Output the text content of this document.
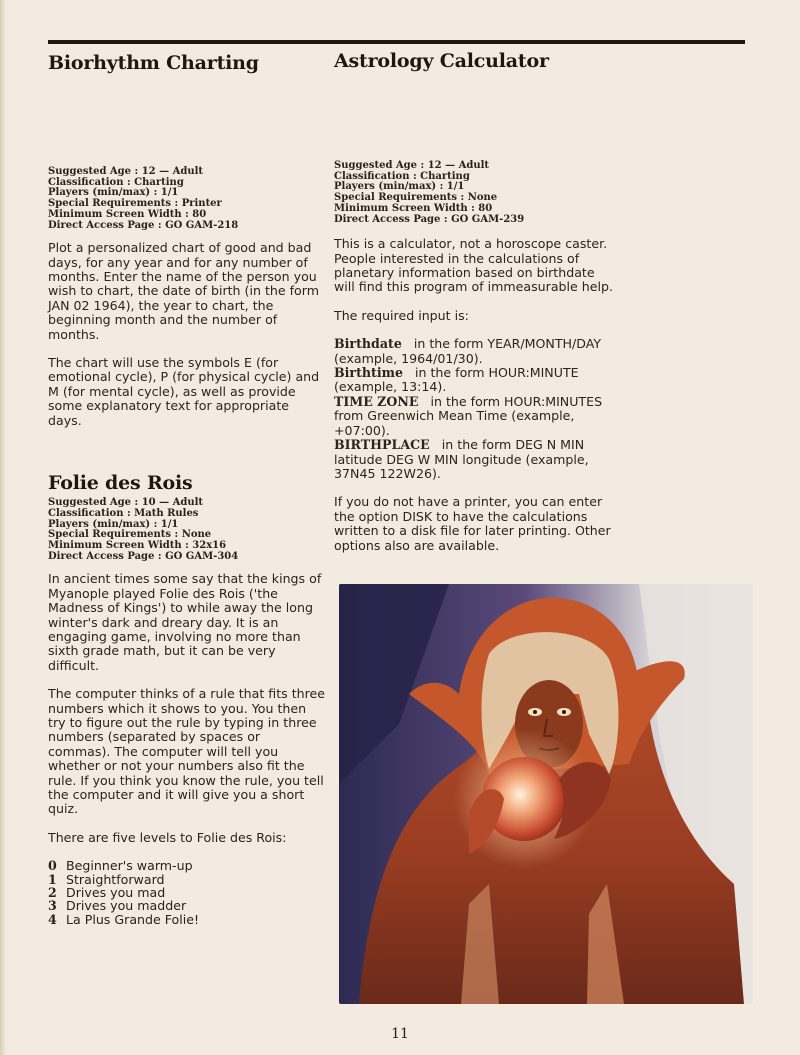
Biorhythm Charting
Suggested Age : 12 — Adult
Classification : Charting
Players (min/max) : 1/1
Special Requirements : Printer
Minimum Screen Width : 80
Direct Access Page : GO GAM-218

Plot a personalized chart of good and bad days, for any year and for any number of months. Enter the name of the person you wish to chart, the date of birth (in the form JAN 02 1964), the year to chart, the beginning month and the number of months.

The chart will use the symbols E (for emotional cycle), P (for physical cycle) and M (for mental cycle), as well as provide some explanatory text for appropriate days.

Folie des Rois
Suggested Age : 10 — Adult
Classification : Math Rules
Players (min/max) : 1/1
Special Requirements : None
Minimum Screen Width : 32x16
Direct Access Page : GO GAM-304

In ancient times some say that the kings of Myanople played Folie des Rois ('the Madness of Kings') to while away the long winter's dark and dreary day. It is an engaging game, involving no more than sixth grade math, but it can be very difficult.

The computer thinks of a rule that fits three numbers which it shows to you. You then try to figure out the rule by typing in three numbers (separated by spaces or commas). The computer will tell you whether or not your numbers also fit the rule. If you think you know the rule, you tell the computer and it will give you a short quiz.

There are five levels to Folie des Rois:

0 Beginner's warm-up
1 Straightforward
2 Drives you mad
3 Drives you madder
4 La Plus Grande Folie!
Astrology Calculator
Suggested Age : 12 — Adult
Classification : Charting
Players (min/max) : 1/1
Special Requirements : None
Minimum Screen Width : 80
Direct Access Page : GO GAM-239

This is a calculator, not a horoscope caster. People interested in the calculations of planetary information based on birthdate will find this program of immeasurable help.

The required input is:

Birthdate in the form YEAR/MONTH/DAY (example, 1964/01/30).
Birthtime in the form HOUR:MINUTE (example, 13:14).
TIME ZONE in the form HOUR:MINUTES from Greenwich Mean Time (example, +07:00).
BIRTHPLACE in the form DEG N MIN latitude DEG W MIN longitude (example, 37N45 122W26).

If you do not have a printer, you can enter the option DISK to have the calculations written to a disk file for later printing. Other options also are available.

11
